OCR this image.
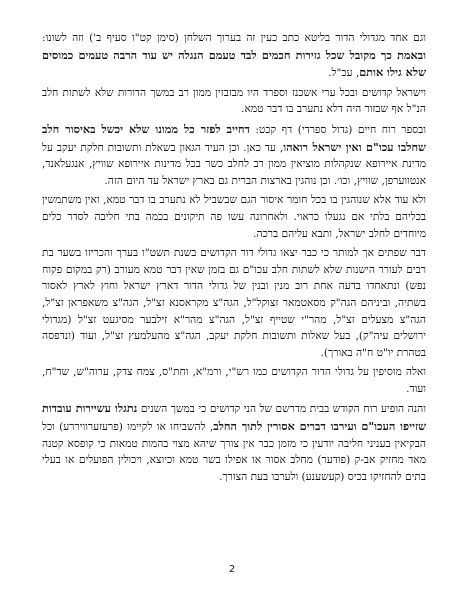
וגם אחד מגדולי הדור בליטא כתב כעין זה בערוך השלחן (סימן קט"ו סעיף ב') וזה לשונו: ובאמת כך מקובל שכל גזירות חכמים לבד טעמם הנגלה יש עוד הרבה טעמים כמוסים שלא גילו אותם, עכ"ל.

וישראל קדושים ובכל ערי אשכנז וספרד היו מבזבזין ממון רב במשך הדורות שלא לשתות חלב הנ"ל אף שבזור היה דלא נתערב בו דבר טמא.

ובספר רוח חיים (גדול ספרדי) דף קכט: דחייב לפזר כל ממונו שלא יכשל באיסור חלב שחלבו עכו"ם ואין ישראל רואהו, עד כאן. וכן העיד הגאון בשאלת ותשובות חלקת יעקב על מדינת איירופא שנקהלות מוציאין ממון רב לחלב כשר בכל מדינות איירופא שוויץ, אנגעלאנד, אנטווערפן, שוויץ, וכו׳. וכן נוהגין בארצות הברית גם בארץ ישראל עד היום הזה.

ולא עוד אלא שנוהגין בו בכל חומר איסור הגם שבשביל לא נתערב בו דבר טמא, ואין משתמשין בכליהם בלתי אם נגעלו כראוי. ולאחרונה עשו פה תיקונים בכמה בתי חליבה לסדר כלים מיוחדים לחלב ישראל, ותבא עליהם ברכה.

דבר שפתים אך למותר כי כבר יצאו גדולי דור הקדושים בשנת תשט"ו בערך והכריזו בשער בת רבים לעורר הישנות שלא לשתות חלב עכו"ם גם בזמן שאין דבר טמא מעורב (רק במקום פקוח נפש) ונתאחדו בדעה אחת רוב מנין ובנין של גדולי הדור דארץ ישראל וחוץ לארץ לאסור בשתיה, וביניהם הגה"ק מסאטמאר זצוקל"ל, הגה"צ מקראסנא זצ"ל, הגה"צ משאפראן זצ"ל, הגה"צ מצעלים זצ"ל, מהר"י שטייף זצ"ל, הגה"צ מהר"א זילבער מסיגעט זצ"ל (מגדולי ירושלים עיה"ק), בעל שאלות ותשובות חלקת יעקב, הגה"צ מהעלמעץ זצ"ל, ועוד (ונדפסה בטהרת יו"ט ח"ה באורך).

ואלה מוסיפין על גדולי הדור הקדושים כמו רש"י, ורמ"א, וחת"ס, צמח צדק, ערוה"ש, שד"ח, ועוד.

והנה הופיע רוח הקודש בבית מדרשם של הני קדושים כי במשך השנים נתגלו עשיירות עובדות שזייפו העכו"ם ועירבו דברים אסורין לתוך החלב, להשביחו או לקיימו (פרעזערוויררע) וכל הבקיאין בעניני חליבה יודעין כי מזמן כבר אין צורך שיהא מצוי בהמות טמאות כי קופסא קטנה מאד מחזיק אב-ק (פודער) מחלב אסור או אפילו בשר טמא וכיוצא, ויכולין הפועלים או בעלי בתים להחזיקו בכיס (קעשענע) ולערבו בעת הצורך.

2
